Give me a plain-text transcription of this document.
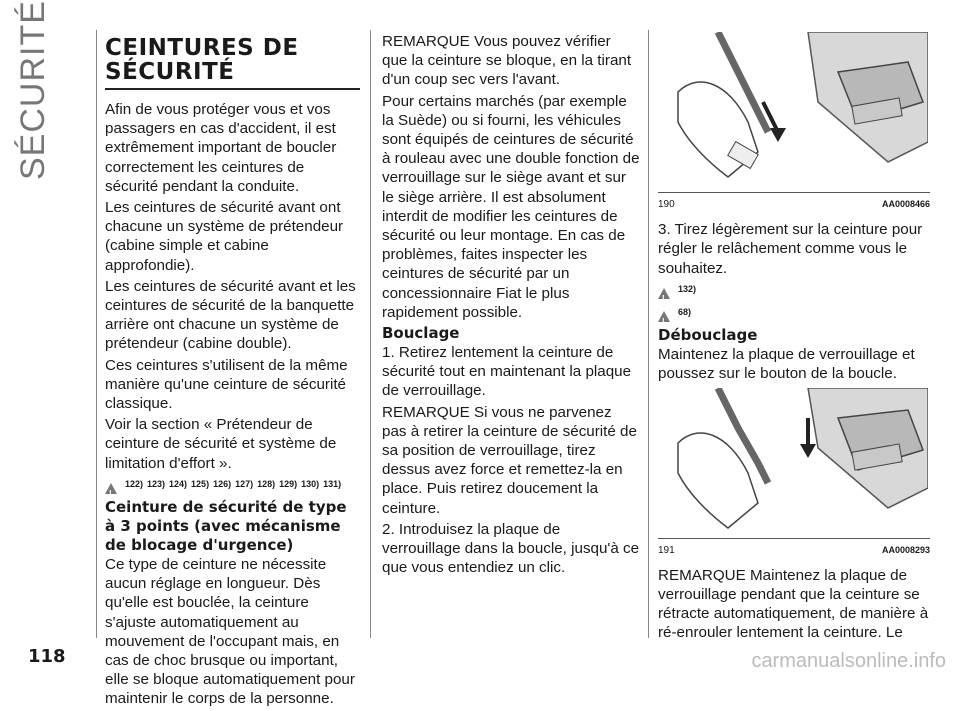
SÉCURITÉ CEINTURES DE
SÉCURITÉ

Afin de vous protéger vous et vos passagers en cas d'accident, il est extrêmement important de boucler correctement les ceintures de sécurité pendant la conduite.

Les ceintures de sécurité avant ont chacune un système de prétendeur (cabine simple et cabine approfondie).

Les ceintures de sécurité avant et les ceintures de sécurité de la banquette arrière ont chacune un système de prétendeur (cabine double).

Ces ceintures s'utilisent de la même manière qu'une ceinture de sécurité classique.

Voir la section « Prétendeur de ceinture de sécurité et système de limitation d'effort ».

!
122) 123) 124) 125) 126) 127) 128) 129) 130) 131)
Ceinture de sécurité de type à 3 points (avec mécanisme de blocage d'urgence)

Ce type de ceinture ne nécessite aucun réglage en longueur. Dès qu'elle est bouclée, la ceinture s'ajuste automatiquement au mouvement de l'occupant mais, en cas de choc brusque ou important, elle se bloque automatiquement pour maintenir le corps de la personne.

REMARQUE Vous pouvez vérifier que la ceinture se bloque, en la tirant d'un coup sec vers l'avant.

Pour certains marchés (par exemple la Suède) ou si fourni, les véhicules sont équipés de ceintures de sécurité à rouleau avec une double fonction de verrouillage sur le siège avant et sur le siège arrière. Il est absolument interdit de modifier les ceintures de sécurité ou leur montage. En cas de problèmes, faites inspecter les ceintures de sécurité par un concessionnaire Fiat le plus rapidement possible.

Bouclage

1. Retirez lentement la ceinture de sécurité tout en maintenant la plaque de verrouillage.

REMARQUE Si vous ne parvenez pas à retirer la ceinture de sécurité de sa position de verrouillage, tirez dessus avez force et remettez-la en place. Puis retirez doucement la ceinture.

2. Introduisez la plaque de verrouillage dans la boucle, jusqu'à ce que vous entendiez un clic.

190	AA0008466

3. Tirez légèrement sur la ceinture pour régler le relâchement comme vous le souhaitez.

!
132)
!
68)
Débouclage

Maintenez la plaque de verrouillage et poussez sur le bouton de la boucle.

191	AA0008293

REMARQUE Maintenez la plaque de verrouillage pendant que la ceinture se rétracte automatiquement, de manière à ré-enrouler lentement la ceinture. Le

118	carmanualsonline.info
